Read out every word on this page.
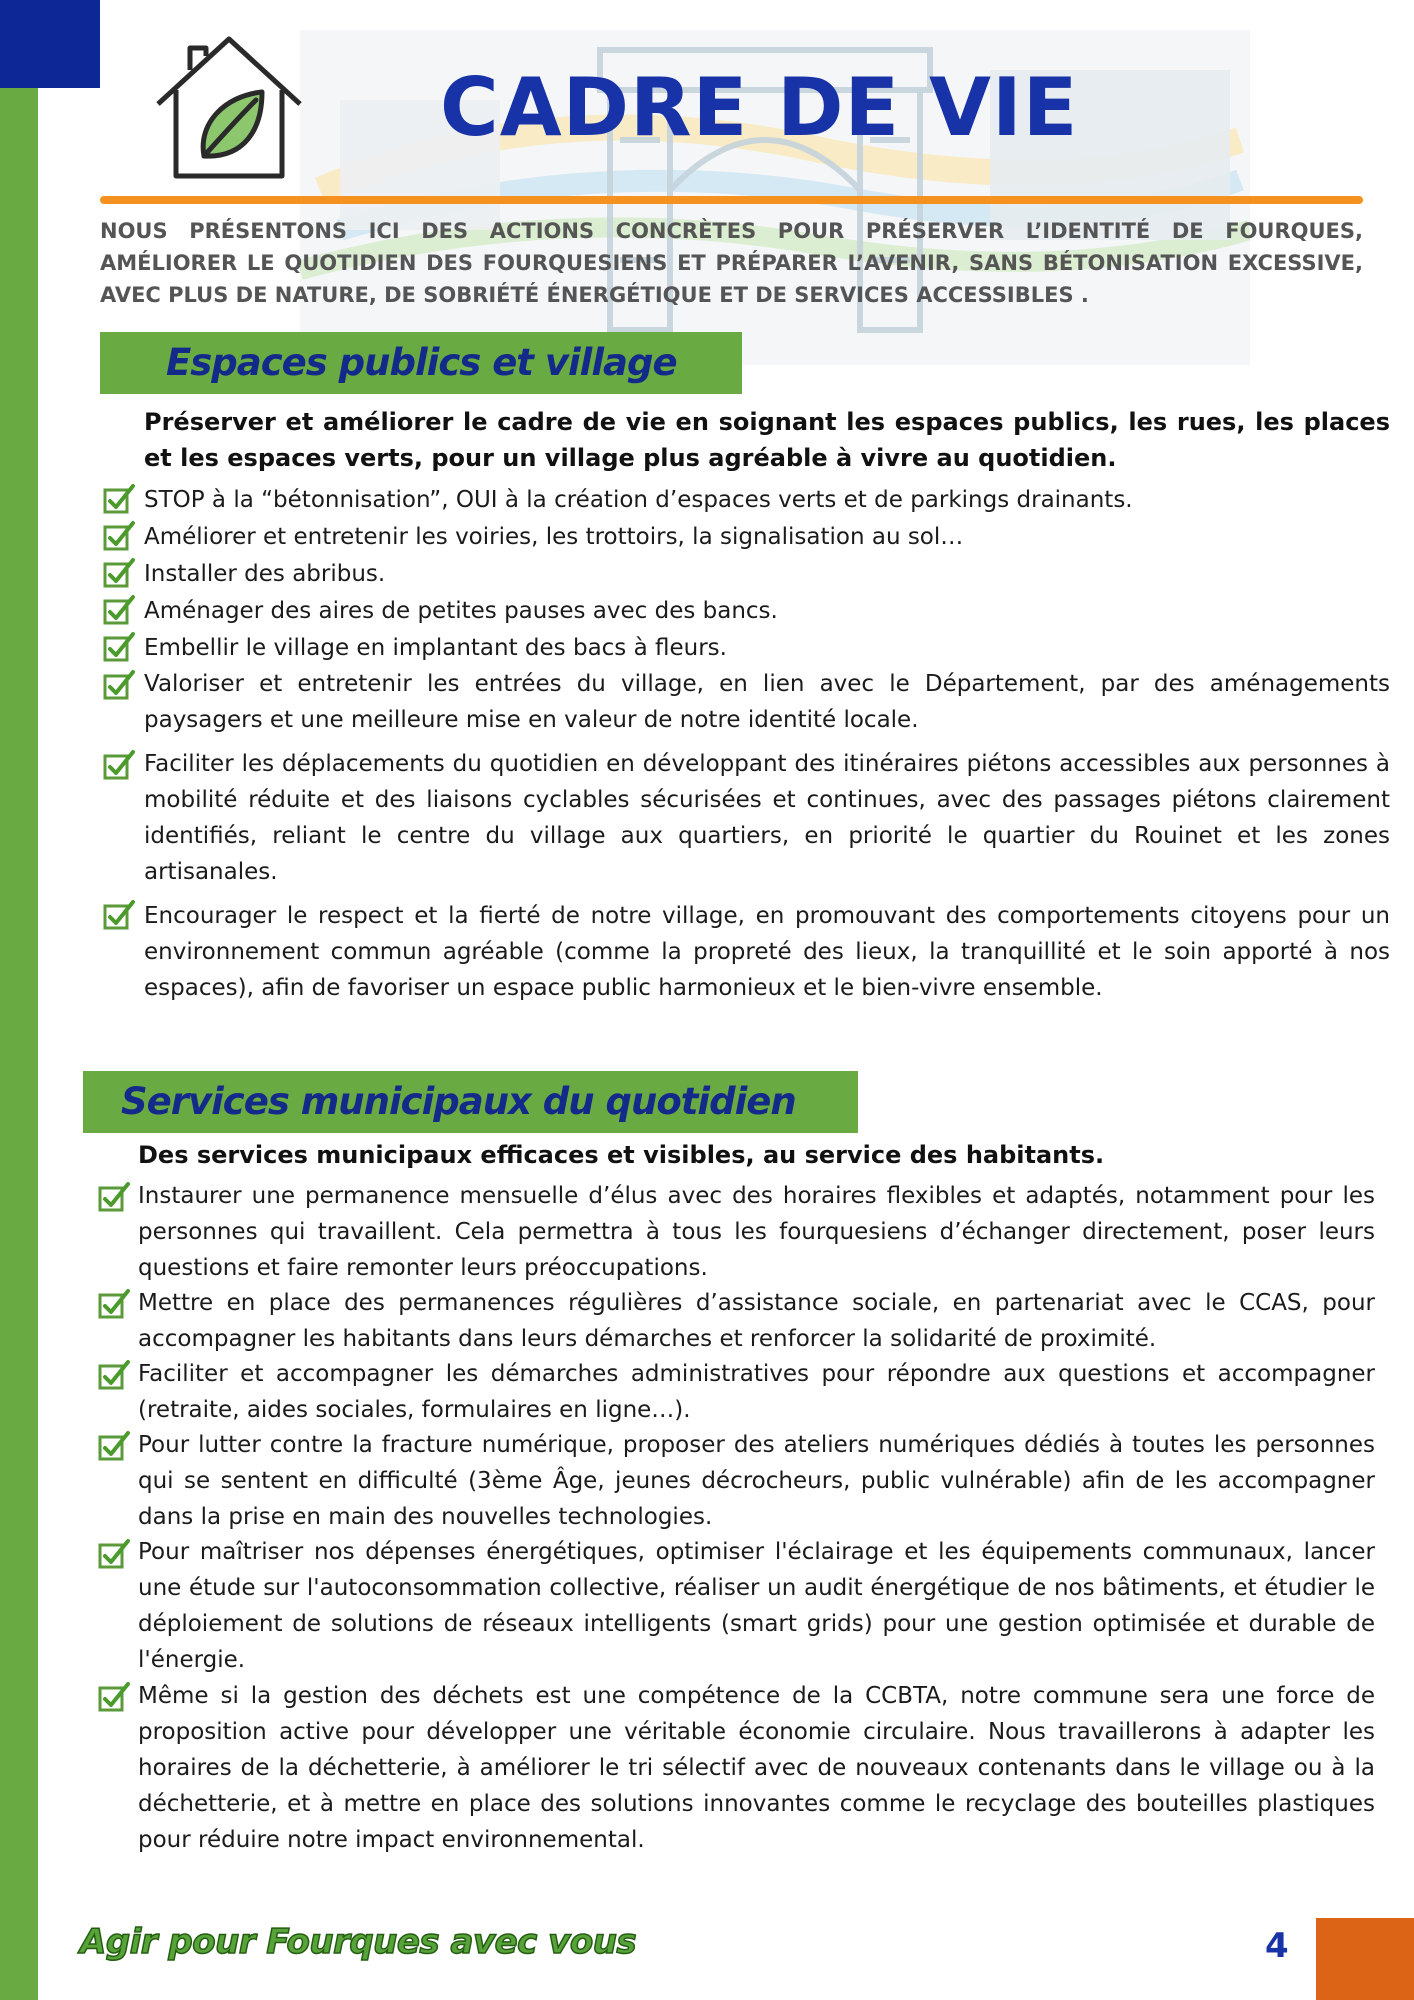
CADRE DE VIE

NOUS PRÉSENTONS ICI DES ACTIONS CONCRÈTES POUR PRÉSERVER L’IDENTITÉ DE FOURQUES, AMÉLIORER LE QUOTIDIEN DES FOURQUESIENS ET PRÉPARER L’AVENIR, SANS BÉTONISATION EXCESSIVE, AVEC PLUS DE NATURE, DE SOBRIÉTÉ ÉNERGÉTIQUE ET DE SERVICES ACCESSIBLES .

Espaces publics et village

Préserver et améliorer le cadre de vie en soignant les espaces publics, les rues, les places et les espaces verts, pour un village plus agréable à vivre au quotidien.

STOP à la “bétonnisation”, OUI à la création d’espaces verts et de parkings drainants.
Améliorer et entretenir les voiries, les trottoirs, la signalisation au sol…
Installer des abribus.
Aménager des aires de petites pauses avec des bancs.
Embellir le village en implantant des bacs à fleurs.
Valoriser et entretenir les entrées du village, en lien avec le Département, par des aménagements paysagers et une meilleure mise en valeur de notre identité locale.
Faciliter les déplacements du quotidien en développant des itinéraires piétons accessibles aux personnes à mobilité réduite et des liaisons cyclables sécurisées et continues, avec des passages piétons clairement identifiés, reliant le centre du village aux quartiers, en priorité le quartier du Rouinet et les zones artisanales.
Encourager le respect et la fierté de notre village, en promouvant des comportements citoyens pour un environnement commun agréable (comme la propreté des lieux, la tranquillité et le soin apporté à nos espaces), afin de favoriser un espace public harmonieux et le bien-vivre ensemble.
Services municipaux du quotidien

Des services municipaux efficaces et visibles, au service des habitants.

Instaurer une permanence mensuelle d’élus avec des horaires flexibles et adaptés, notamment pour les personnes qui travaillent. Cela permettra à tous les fourquesiens d’échanger directement, poser leurs questions et faire remonter leurs préoccupations.
Mettre en place des permanences régulières d’assistance sociale, en partenariat avec le CCAS, pour accompagner les habitants dans leurs démarches et renforcer la solidarité de proximité.
Faciliter et accompagner les démarches administratives pour répondre aux questions et accompagner (retraite, aides sociales, formulaires en ligne…).
Pour lutter contre la fracture numérique, proposer des ateliers numériques dédiés à toutes les personnes qui se sentent en difficulté (3ème Âge, jeunes décrocheurs, public vulnérable) afin de les accompagner dans la prise en main des nouvelles technologies.
Pour maîtriser nos dépenses énergétiques, optimiser l'éclairage et les équipements communaux, lancer une étude sur l'autoconsommation collective, réaliser un audit énergétique de nos bâtiments, et étudier le déploiement de solutions de réseaux intelligents (smart grids) pour une gestion optimisée et durable de l'énergie.
Même si la gestion des déchets est une compétence de la CCBTA, notre commune sera une force de proposition active pour développer une véritable économie circulaire. Nous travaillerons à adapter les horaires de la déchetterie, à améliorer le tri sélectif avec de nouveaux contenants dans le village ou à la déchetterie, et à mettre en place des solutions innovantes comme le recyclage des bouteilles plastiques pour réduire notre impact environnemental.
Agir pour Fourques avec vous	4
